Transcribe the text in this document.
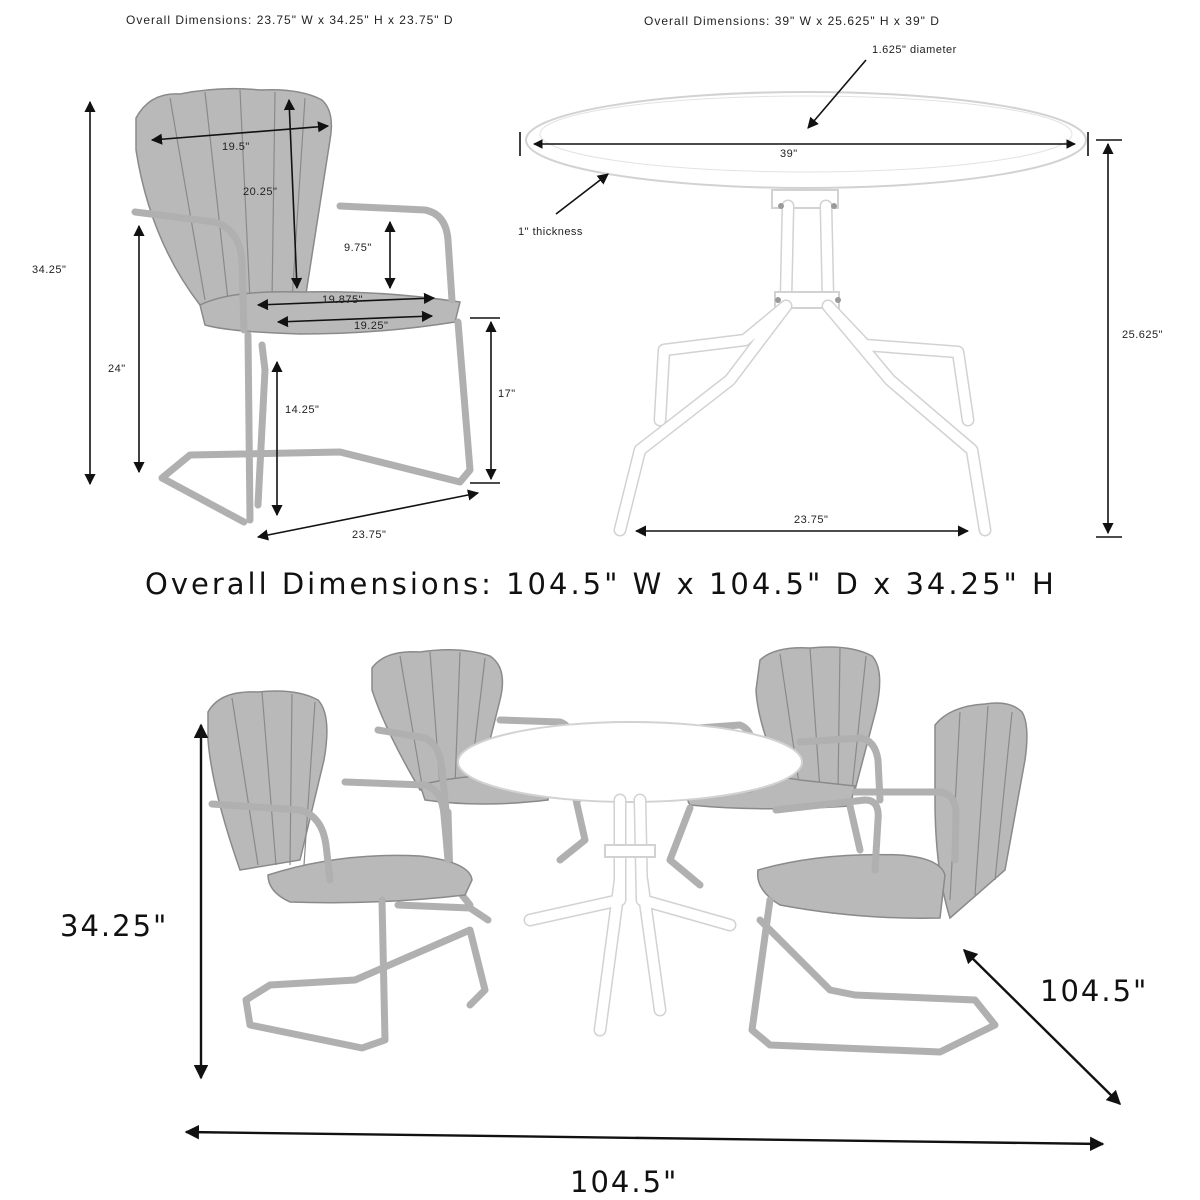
Overall Dimensions: 23.75" W x 34.25" H x 23.75" D
34.25"
24"
19.5"
20.25"
9.75"
19.875"
19.25"
14.25"
17"
23.75"
Overall Dimensions: 39" W x 25.625" H x 39" D
1.625" diameter
39"
1" thickness
25.625"
23.75"
Overall Dimensions: 104.5" W x 104.5" D x 34.25" H
34.25"
104.5"
104.5"
